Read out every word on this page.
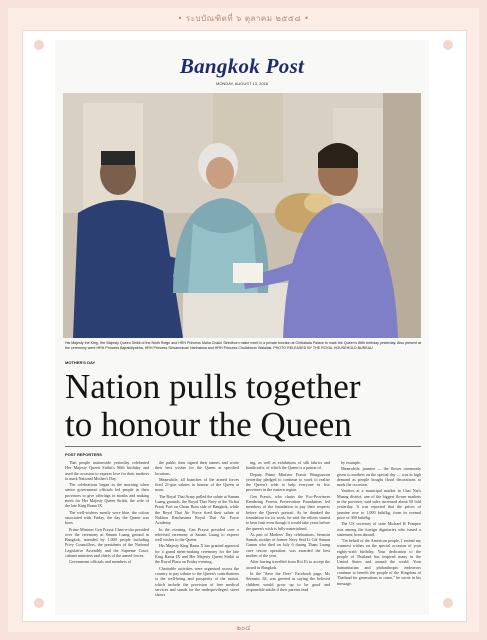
• ระบบัณฑิตที่ ๖ ตุลาคม ๒๕๕๘ •
Bangkok Post
MONDAY, AUGUST 13, 2018
His Majesty the King, Her Majesty Queen Sirikit of the Ninth Reign and HRH Princess Maha Chakri Sirindhorn make merit in a private function at Chitralada Palace to mark the Queen's 86th birthday yesterday. Also present at the ceremony were HRH Princess Bajrakitiyabha, HRH Princess Sirivannavari Nariratana and HRH Princess Chulabhorn Walailak. PHOTO RELEASED BY THE ROYAL HOUSEHOLD BUREAU
MOTHER'S DAY
Nation pulls together
to honour the Queen
POST REPORTERS

Thai people nationwide yesterday celebrated Her Majesty Queen Sirikit's 86th birthday and used the occasion to express love for their mothers to mark National Mother's Day.

The celebrations began in the morning when senior government officials led people in their provinces to give offerings to monks and making merit for Her Majesty Queen Sirikit, the wife of the late King Rama IX.

The well-wishers mostly wore blue, the colour associated with Friday, the day the Queen was born.

Prime Minister Gen Prayut Chan-o-cha presided over the ceremony at Sanam Luang ground in Bangkok, attended by 1,000 people including Privy Councillors, the presidents of the National Legislative Assembly and the Supreme Court, cabinet ministers and chiefs of the armed forces.

Government officials and members of

the public then signed their names and wrote their best wishes for the Queen at specified locations.

Meanwhile, all branches of the armed forces fired 21-gun salutes in honour of the Queen at noon.

The Royal Thai Army pulled the salute at Sanam Luang grounds, the Royal Thai Navy at the Vichai Prasit Fort on Chom Bom side of Bangkok, while the Royal Thai Air Force fired their salute at Nakhon Ratchasima Royal Thai Air Force Academy.

In the evening, Gen Prayut presided over a televised ceremony at Sanam Luang to express well wishes to the Queen.

His Majesty King Rama X has granted approval for a grand merit-making ceremony for the late King Rama IX and Her Majesty Queen Sirikit at the Royal Plaza on Friday evening.

Charitable activities were organised across the country to pay tribute to the Queen's contributions to the well-being and prosperity of the nation, which include the provision of free medical services and stands for the underprivileged, street shows

ing, as well as exhibitions of silk fabrics and handicrafts, of which the Queen is a patron of.

Deputy Prime Minister Prawit Wongsuwon yesterday pledged to continue to work to realise the Queen's wish to help everyone in five provinces in the eastern region.

Gen Prawit, who chairs the Eco-Provinces Rendering Forests Preservation Foundation, led members of the foundation to pay their respects before the Queen's portrait. As he thanked the foundation for its work, he said the efforts started to bear fruit even though it would take years before the queen's wish is fully materialised.

As part of Mothers' Day celebrations, Sermsin Samak, mother of former Navy Seal Lt Cdr Saman Gunan who died on July 6 during Tham Luang cave rescue operation, was awarded the best mother of the year.

After having travelled from Roi Et to accept the award in Bangkok.

In the "Save the Deer" Facebook page, Ms Sermsin, 84, was greeted in saying the beloved children would grow up to be good and responsible adults if their parents lead

by example.

Meanwhile, jasmine — the flower commonly given to mothers on the special day — was in high demand as people bought floral decorations to mark the occasion.

Vendors at a municipal market in Chai Nat's Muang district, one of the biggest flower markets in the province, said sales increased about 50 fold yesterday. It was reported that the prices of jasmine rose to 1,000 baht/kg, from its normal price of 300 baht/kg.

The US secretary of state Michael R Pompeo was among the foreign dignitaries who issued a statement from abroad.

"On behalf of the American people, I extend my warmest wishes on the special occasion of your eighty-sixth birthday. Your dedication to the people of Thailand has inspired many in the United States and around the world. Your humanitarian and philanthropic endeavors continue to benefit the people of the Kingdom of Thailand for generations to come," he wrote in his message.

๒๐๔
